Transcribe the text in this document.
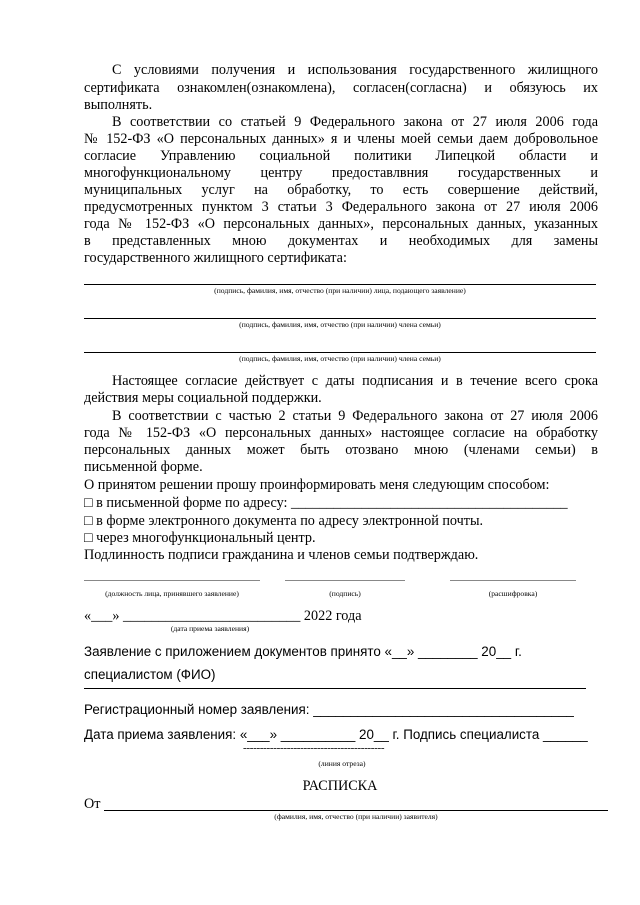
С условиями получения и использования государственного жилищного
сертификата ознакомлен(ознакомлена), согласен(согласна) и обязуюсь их
выполнять.
В соответствии со статьей 9 Федерального закона от 27 июля 2006 года
№ 152-ФЗ «О персональных данных» я и члены моей семьи даем добровольное
согласие Управлению социальной политики Липецкой области и
многофункциональному центру предоставлвния государственных и
муниципальных услуг на обработку, то есть совершение действий,
предусмотренных пунктом 3 статьи 3 Федерального закона от 27 июля 2006
года № 152-ФЗ «О персональных данных», персональных данных, указанных
в представленных мною документах и необходимых для замены
государственного жилищного сертификата:
(подпись, фамилия, имя, отчество (при наличии) лица, подающего заявление)
(подпись, фамилия, имя, отчество (при наличии) члена семьи)
(подпись, фамилия, имя, отчество (при наличии) члена семьи)
Настоящее согласие действует с даты подписания и в течение всего срока
действия меры социальной поддержки.
В соответствии с частью 2 статьи 9 Федерального закона от 27 июля 2006
года № 152-ФЗ «О персональных данных» настоящее согласие на обработку
персональных данных может быть отозвано мною (членами семьи) в
письменной форме.
О принятом решении прошу проинформировать меня следующим способом:
□ в письменной форме по адресу: _______________________________________
□ в форме электронного документа по адресу электронной почты.
□ через многофункциональный центр.
Подлинность подписи гражданина и членов семьи подтверждаю.
(должность лица, принявшего заявление)	(подпись)	(расшифровка)
«___» _________________________ 2022 года
(дата приема заявления)
Заявление с приложением документов принято «__» ________ 20__ г.
специалистом (ФИО)
Регистрационный номер заявления: ___________________________________
Дата приема заявления: «___» __________ 20__ г. Подпись специалиста ______
------------------------------------------
(линия отреза)
РАСПИСКА
От
(фамилия, имя, отчество (при наличии) заявителя)
